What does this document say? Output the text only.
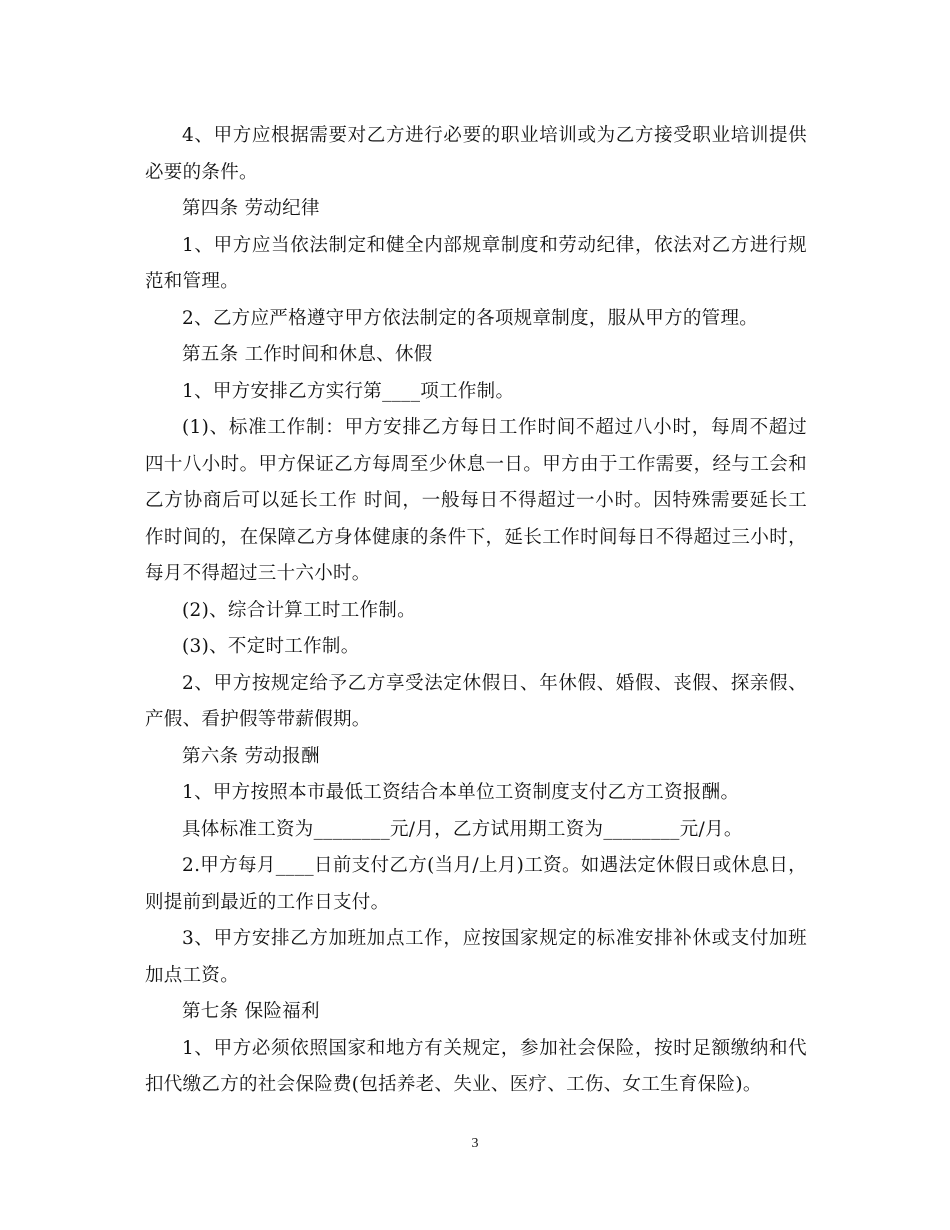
4、甲方应根据需要对乙方进行必要的职业培训或为乙方接受职业培训提供必要的条件。

第四条 劳动纪律

1、甲方应当依法制定和健全内部规章制度和劳动纪律，依法对乙方进行规范和管理。

2、乙方应严格遵守甲方依法制定的各项规章制度，服从甲方的管理。

第五条 工作时间和休息、休假

1、甲方安排乙方实行第____项工作制。

(1)、标准工作制：甲方安排乙方每日工作时间不超过八小时，每周不超过四十八小时。甲方保证乙方每周至少休息一日。甲方由于工作需要，经与工会和乙方协商后可以延长工作 时间，一般每日不得超过一小时。因特殊需要延长工作时间的，在保障乙方身体健康的条件下，延长工作时间每日不得超过三小时，每月不得超过三十六小时。

(2)、综合计算工时工作制。

(3)、不定时工作制。

2、甲方按规定给予乙方享受法定休假日、年休假、婚假、丧假、探亲假、产假、看护假等带薪假期。

第六条 劳动报酬

1、甲方按照本市最低工资结合本单位工资制度支付乙方工资报酬。

具体标准工资为________元/月，乙方试用期工资为________元/月。

2.甲方每月____日前支付乙方(当月/上月)工资。如遇法定休假日或休息日，则提前到最近的工作日支付。

3、甲方安排乙方加班加点工作，应按国家规定的标准安排补休或支付加班加点工资。

第七条 保险福利

1、甲方必须依照国家和地方有关规定，参加社会保险，按时足额缴纳和代扣代缴乙方的社会保险费(包括养老、失业、医疗、工伤、女工生育保险)。

3
